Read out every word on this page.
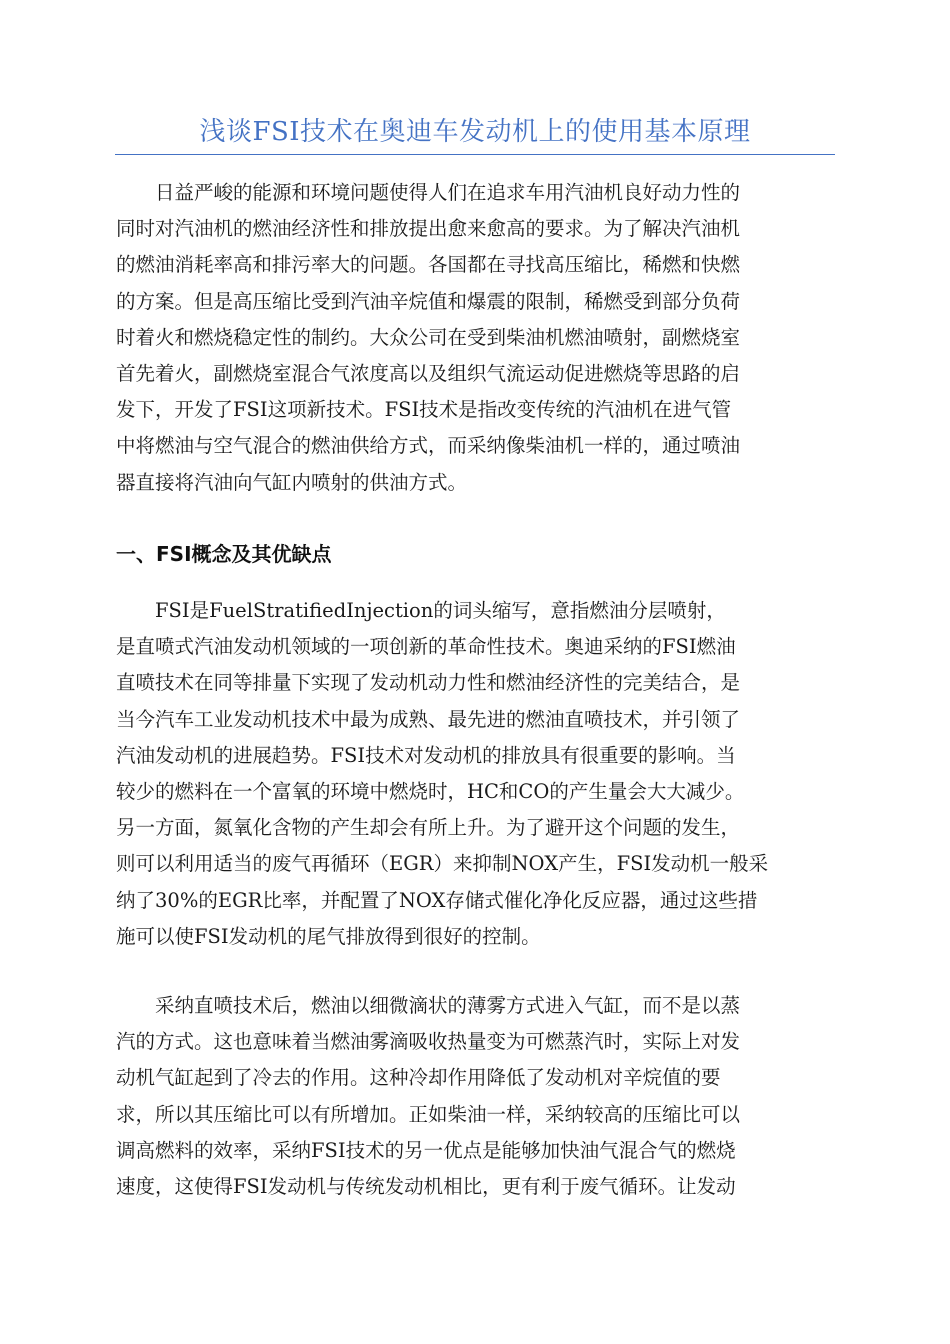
浅谈FSI技术在奥迪车发动机上的使用基本原理

　　日益严峻的能源和环境问题使得人们在追求车用汽油机良好动力性的
同时对汽油机的燃油经济性和排放提出愈来愈高的要求。为了解决汽油机
的燃油消耗率高和排污率大的问题。各国都在寻找高压缩比，稀燃和快燃
的方案。但是高压缩比受到汽油辛烷值和爆震的限制，稀燃受到部分负荷
时着火和燃烧稳定性的制约。大众公司在受到柴油机燃油喷射，副燃烧室
首先着火，副燃烧室混合气浓度高以及组织气流运动促进燃烧等思路的启
发下，开发了FSI这项新技术。FSI技术是指改变传统的汽油机在进气管
中将燃油与空气混合的燃油供给方式，而采纳像柴油机一样的，通过喷油
器直接将汽油向气缸内喷射的供油方式。

一、FSI概念及其优缺点

　　FSI是FuelStratifiedInjection的词头缩写，意指燃油分层喷射，
是直喷式汽油发动机领域的一项创新的革命性技术。奥迪采纳的FSI燃油
直喷技术在同等排量下实现了发动机动力性和燃油经济性的完美结合，是
当今汽车工业发动机技术中最为成熟、最先进的燃油直喷技术，并引领了
汽油发动机的进展趋势。FSI技术对发动机的排放具有很重要的影响。当
较少的燃料在一个富氧的环境中燃烧时，HC和CO的产生量会大大减少。
另一方面，氮氧化含物的产生却会有所上升。为了避开这个问题的发生，
则可以利用适当的废气再循环（EGR）来抑制NOX产生，FSI发动机一般采
纳了30%的EGR比率，并配置了NOX存储式催化净化反应器，通过这些措
施可以使FSI发动机的尾气排放得到很好的控制。

　　采纳直喷技术后，燃油以细微滴状的薄雾方式进入气缸，而不是以蒸
汽的方式。这也意味着当燃油雾滴吸收热量变为可燃蒸汽时，实际上对发
动机气缸起到了冷去的作用。这种冷却作用降低了发动机对辛烷值的要
求，所以其压缩比可以有所增加。正如柴油一样，采纳较高的压缩比可以
调高燃料的效率，采纳FSI技术的另一优点是能够加快油气混合气的燃烧
速度，这使得FSI发动机与传统发动机相比，更有利于废气循环。让发动
